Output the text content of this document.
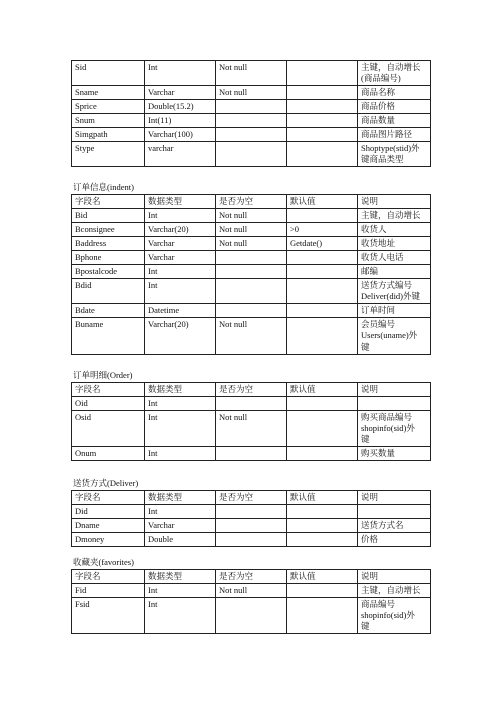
Sid	Int	Not null		主键，自动增长
(商品编号)
Sname	Varchar	Not null		商品名称
Sprice	Double(15.2)			商品价格
Snum	Int(11)			商品数量
Simgpath	Varchar(100)			商品图片路径
Stype	varchar			Shoptype(stid)外
键商品类型
订单信息(indent)
字段名	数据类型	是否为空	默认值	说明
Bid	Int	Not null		主键，自动增长
Bconsignee	Varchar(20)	Not null	>0	收货人
Baddress	Varchar	Not null	Getdate()	收货地址
Bphone	Varchar			收货人电话
Bpostalcode	Int			邮编
Bdid	Int			送货方式编号
Deliver(did)外键
Bdate	Datetime			订单时间
Buname	Varchar(20)	Not null		会员编号
Users(uname)外
键
订单明细(Order)
字段名	数据类型	是否为空	默认值	说明
Oid	Int			
Osid	Int	Not null		购买商品编号
shopinfo(sid)外
键
Onum	Int			购买数量
送货方式(Deliver)
字段名	数据类型	是否为空	默认值	说明
Did	Int			
Dname	Varchar			送货方式名
Dmoney	Double			价格
收藏夹(favorites)
字段名	数据类型	是否为空	默认值	说明
Fid	Int	Not null		主键，自动增长
Fsid	Int			商品编号
shopinfo(sid)外
键
